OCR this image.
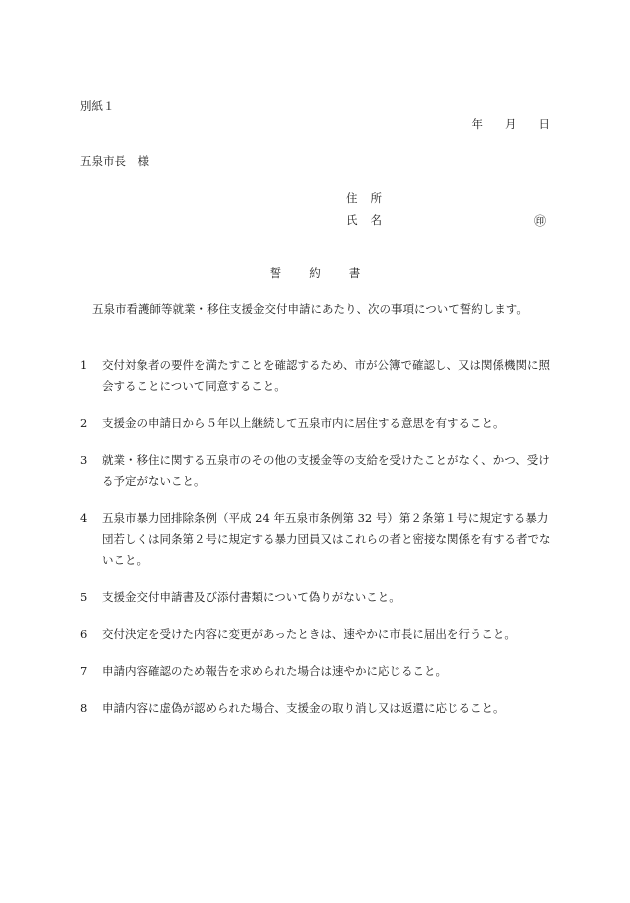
別紙１
年 月 日
五泉市長　様
住所
氏名	㊞
誓約書
五泉市看護師等就業・移住支援金交付申請にあたり、次の事項について誓約します。
1 交付対象者の要件を満たすことを確認するため、市が公簿で確認し、又は関係機関に照会することについて同意すること。
2 支援金の申請日から５年以上継続して五泉市内に居住する意思を有すること。
3 就業・移住に関する五泉市のその他の支援金等の支給を受けたことがなく、かつ、受ける予定がないこと。
4 五泉市暴力団排除条例（平成 24 年五泉市条例第 32 号）第２条第１号に規定する暴力団若しくは同条第２号に規定する暴力団員又はこれらの者と密接な関係を有する者でないこと。
5 支援金交付申請書及び添付書類について偽りがないこと。
6 交付決定を受けた内容に変更があったときは、速やかに市長に届出を行うこと。
7 申請内容確認のため報告を求められた場合は速やかに応じること。
8 申請内容に虚偽が認められた場合、支援金の取り消し又は返還に応じること。
